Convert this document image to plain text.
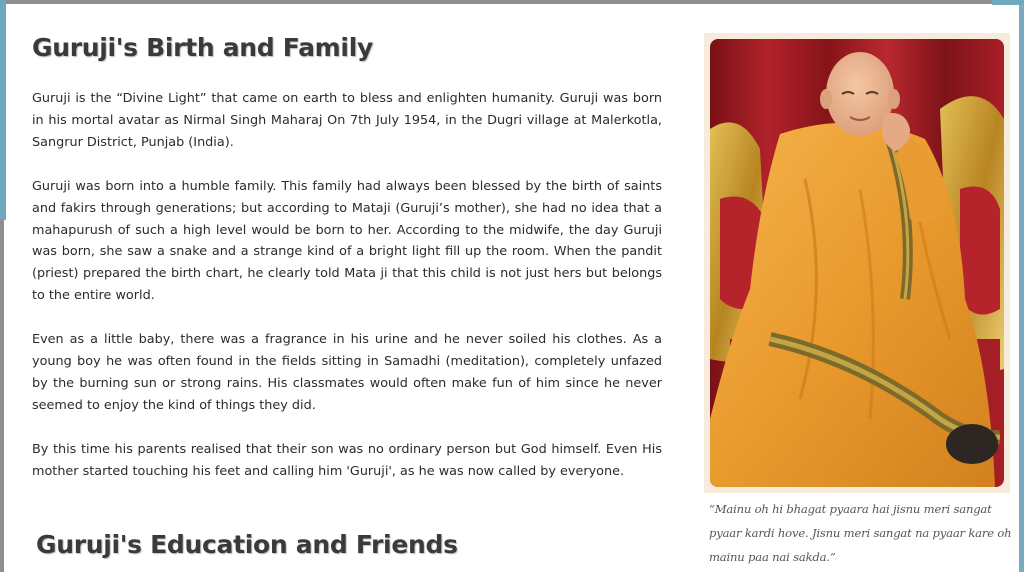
Guruji's Birth and Family

Guruji is the “Divine Light” that came on earth to bless and enlighten humanity. Guruji was born in his mortal avatar as Nirmal Singh Maharaj On 7th July 1954, in the Dugri village at Malerkotla, Sangrur District, Punjab (India).

Guruji was born into a humble family. This family had always been blessed by the birth of saints and fakirs through generations; but according to Mataji (Guruji’s mother), she had no idea that a mahapurush of such a high level would be born to her. According to the midwife, the day Guruji was born, she saw a snake and a strange kind of a bright light fill up the room. When the pandit (priest) prepared the birth chart, he clearly told Mata ji that this child is not just hers but belongs to the entire world.

Even as a little baby, there was a fragrance in his urine and he never soiled his clothes. As a young boy he was often found in the fields sitting in Samadhi (meditation), completely unfazed by the burning sun or strong rains. His classmates would often make fun of him since he never seemed to enjoy the kind of things they did.

By this time his parents realised that their son was no ordinary person but God himself. Even His mother started touching his feet and calling him 'Guruji', as he was now called by everyone.

“Mainu oh hi bhagat pyaara hai jisnu meri sangat pyaar kardi hove. Jisnu meri sangat na pyaar kare oh mainu paa nai sakda.”
Guruji's Education and Friends
